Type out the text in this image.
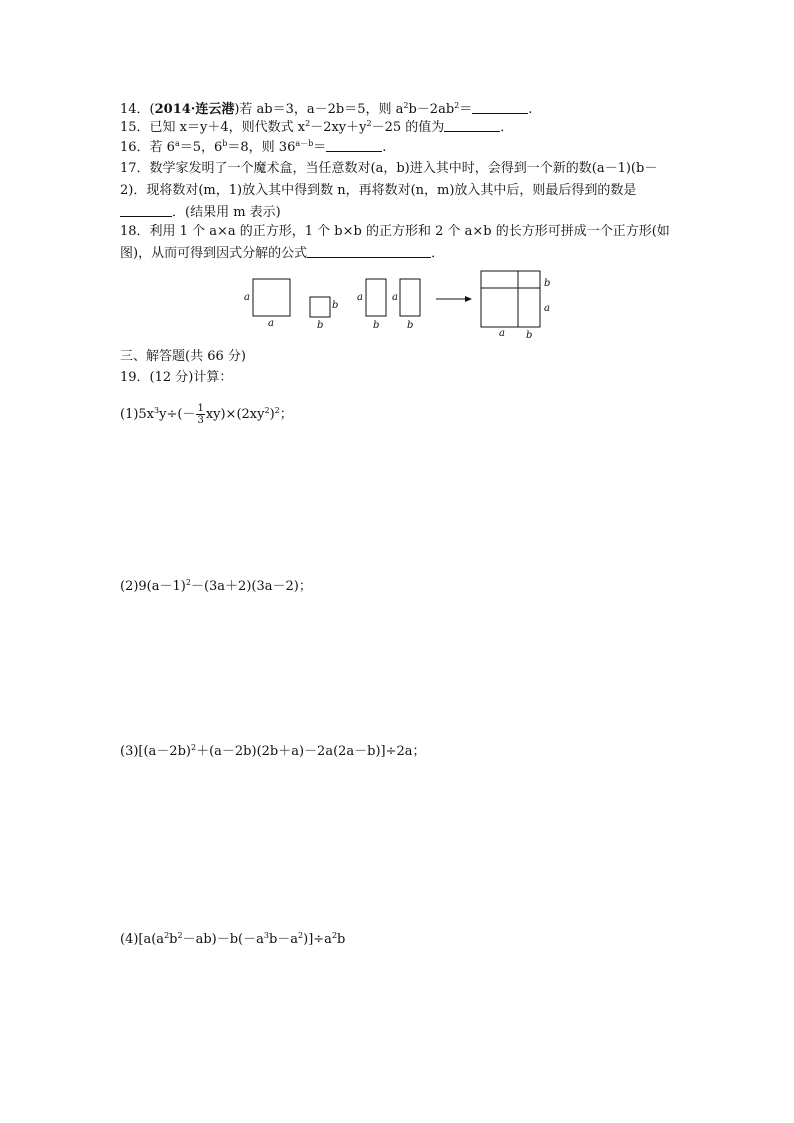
14．(2014·连云港)若 ab＝3，a－2b＝5，则 $a^2b-2ab^2=$	.
15．已知 x＝y＋4，则代数式 $x^2-2xy+y^2-25$ 的值为	．
16．若 $6^a=5$，$6^b=8$，则 $36^{a-b}=$	.
17．数学家发明了一个魔术盒，当任意数对(a，b)进入其中时，会得到一个新的数(a－1)(b－
2)．现将数对(m，1)放入其中得到数 n，再将数对(n，m)放入其中后，则最后得到的数是
．(结果用 m 表示)
18．利用 1 个 a×a 的正方形，1 个 b×b 的正方形和 2 个 a×b 的长方形可拼成一个正方形(如
图)，从而可得到因式分解的公式	．
a
a
b
b
a
b
a
b
b
a
a b
三、解答题(共 66 分)
19．(12 分)计算：
$(1)5x^3y\div(- \frac{1}{3} xy)\times(2xy^2)^2$；
$(2)9(a-1)^2-(3a+2)(3a-2)$；
$(3)[(a-2b)^2+(a-2b)(2b+a)-2a(2a-b)]\div 2a$；
$(4)[a(a^2b^2-ab)-b(-a^3b-a^2)]\div a^2b$
